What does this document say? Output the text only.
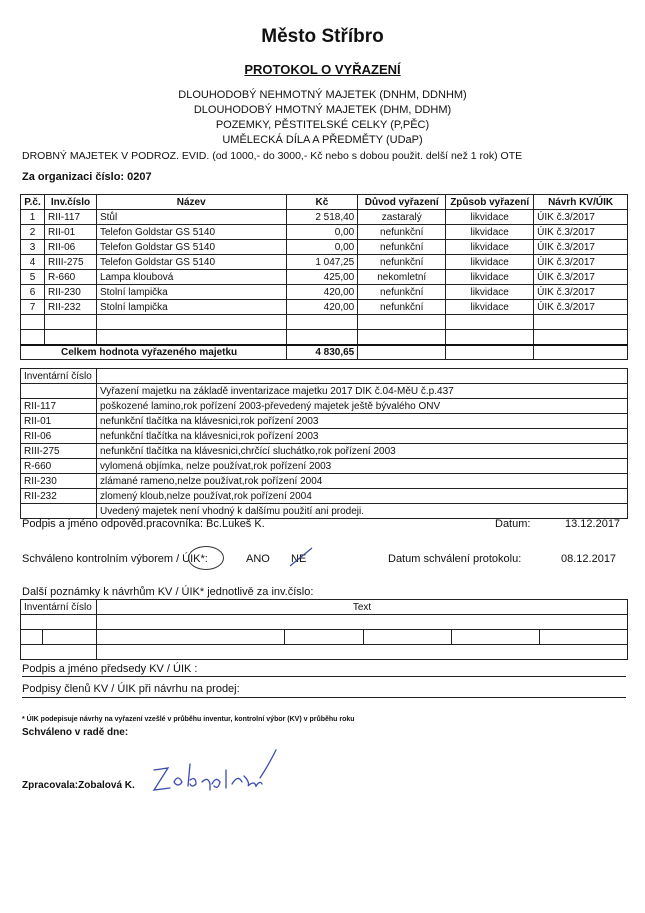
Město Stříbro
PROTOKOL O VYŘAZENÍ
DLOUHODOBÝ NEHMOTNÝ MAJETEK (DNHM, DDNHM)
DLOUHODOBÝ HMOTNÝ MAJETEK (DHM, DDHM)
POZEMKY, PĚSTITELSKÉ CELKY (P,PĚC)
UMĚLECKÁ DÍLA A PŘEDMĚTY (UDaP)
DROBNÝ MAJETEK V PODROZ. EVID. (od 1000,- do 3000,- Kč nebo s dobou použit. delší než 1 rok) OTE
Za organizaci číslo: 0207
P.č.	Inv.číslo	Název	Kč	Důvod vyřazení	Způsob vyřazení	Návrh KV/ÚIK
1	RII-117	Stůl	2 518,40	zastaralý	likvidace	ÚIK č.3/2017
2	RII-01	Telefon Goldstar GS 5140	0,00	nefunkční	likvidace	ÚIK č.3/2017
3	RII-06	Telefon Goldstar GS 5140	0,00	nefunkční	likvidace	ÚIK č.3/2017
4	RIII-275	Telefon Goldstar GS 5140	1 047,25	nefunkční	likvidace	ÚIK č.3/2017
5	R-660	Lampa kloubová	425,00	nekomletní	likvidace	ÚIK č.3/2017
6	RII-230	Stolní lampička	420,00	nefunkční	likvidace	ÚIK č.3/2017
7	RII-232	Stolní lampička	420,00	nefunkční	likvidace	ÚIK č.3/2017

Celkem hodnota vyřazeného majetku			4 830,65			
Inventární číslo	
	Vyřazení majetku na základě inventarizace majetku 2017 DIK č.04-MěU č.p.437
RII-117	poškozené lamino,rok pořízení 2003-převedený majetek ještě bývalého ONV
RII-01	nefunkční tlačítka na klávesnici,rok pořízení 2003
RII-06	nefunkční tlačítka na klávesnici,rok pořízení 2003
RIII-275	nefunkční tlačítka na klávesnici,chrčící sluchátko,rok pořízení 2003
R-660	vylomená objímka, nelze používat,rok pořízení 2003
RII-230	zlámané rameno,nelze používat,rok pořízení 2004
RII-232	zlomený kloub,nelze používat,rok pořízení 2004
	Uvedený majetek není vhodný k dalšímu použití ani prodeji.
Podpis a jméno odpověd.pracovníka: Bc.Lukeš K.	Datum:	13.12.2017
Schváleno kontrolním výborem / ÚIK*:	ANO NE	Datum schválení protokolu:	08.12.2017
Další poznámky k návrhům KV / ÚIK* jednotlivě za inv.číslo:
Inventární číslo		Text				

Podpis a jméno předsedy KV / ÚIK :
Podpisy členů KV / ÚIK při návrhu na prodej:
* ÚIK podepisuje návrhy na vyřazení vzešlé v průběhu inventur, kontrolní výbor (KV) v průběhu roku
Schváleno v radě dne:
Zpracovala:Zobalová K.
